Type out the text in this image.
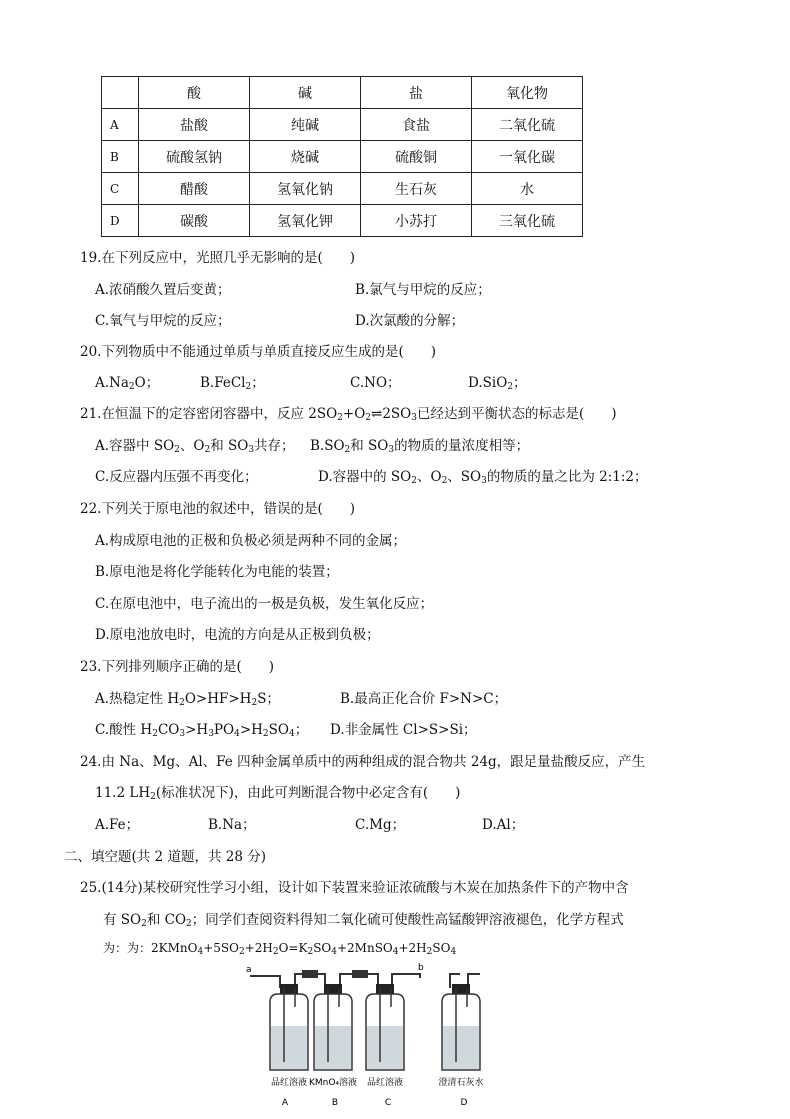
	酸	碱	盐	氧化物
A	盐酸	纯碱	食盐	二氧化硫
B	硫酸氢钠	烧碱	硫酸铜	一氧化碳
C	醋酸	氢氧化钠	生石灰	水
D	碳酸	氢氧化钾	小苏打	三氧化硫
19.在下列反应中，光照几乎无影响的是(　　)
A.浓硝酸久置后变黄；	B.氯气与甲烷的反应；
C.氧气与甲烷的反应；	D.次氯酸的分解；
20.下列物质中不能通过单质与单质直接反应生成的是(　　)
$A.Na_2O$；	B.FeCl$_2$；	C.NO；	D.SiO$_2$；
21.在恒温下的定容密闭容器中，反应 $2SO_2+O_2\rightleftharpoons 2SO_3$已经达到平衡状态的标志是(　　)
A.容器中 $SO_2$、$O_2$和 $SO_3$共存； $B.SO_2$和 $SO_3$的物质的量浓度相等；
C.反应器内压强不再变化；	D.容器中的 $SO_2$、$O_2$、$SO_3$的物质的量之比为 2:1:2；
22.下列关于原电池的叙述中，错误的是(　　)
A.构成原电池的正极和负极必须是两种不同的金属；
B.原电池是将化学能转化为电能的装置；
C.在原电池中，电子流出的一极是负极，发生氧化反应；
D.原电池放电时，电流的方向是从正极到负极；
23.下列排列顺序正确的是(　　)
A.热稳定性 $H_2O>HF>H_2S$；	B.最高正化合价 F>N>C；
C.酸性 $H_2CO_3>H_3PO_4>H_2SO_4$； D.非金属性 Cl>S>Si；
24.由 Na、Mg、Al、Fe 四种金属单质中的两种组成的混合物共 24g，跟足量盐酸反应，产生
11.2 $LH_2$(标准状况下)，由此可判断混合物中必定含有(　　)
A.Fe；	B.Na；	C.Mg；	D.Al；
二、填空题(共 2 道题，共 28 分)
25.(14分)某校研究性学习小组，设计如下装置来验证浓硫酸与木炭在加热条件下的产物中含
有 $SO_2$和 $CO_2$；同学们查阅资料得知二氧化硫可使酸性高锰酸钾溶液褪色，化学方程式
为：为：$2KMnO_4+5SO_2+2H_2O=K_2SO_4+2MnSO_4+2H_2SO_4$
a	b
品红溶液 KMnO₄溶液 品红溶液	澄清石灰水
A	B	C	D
